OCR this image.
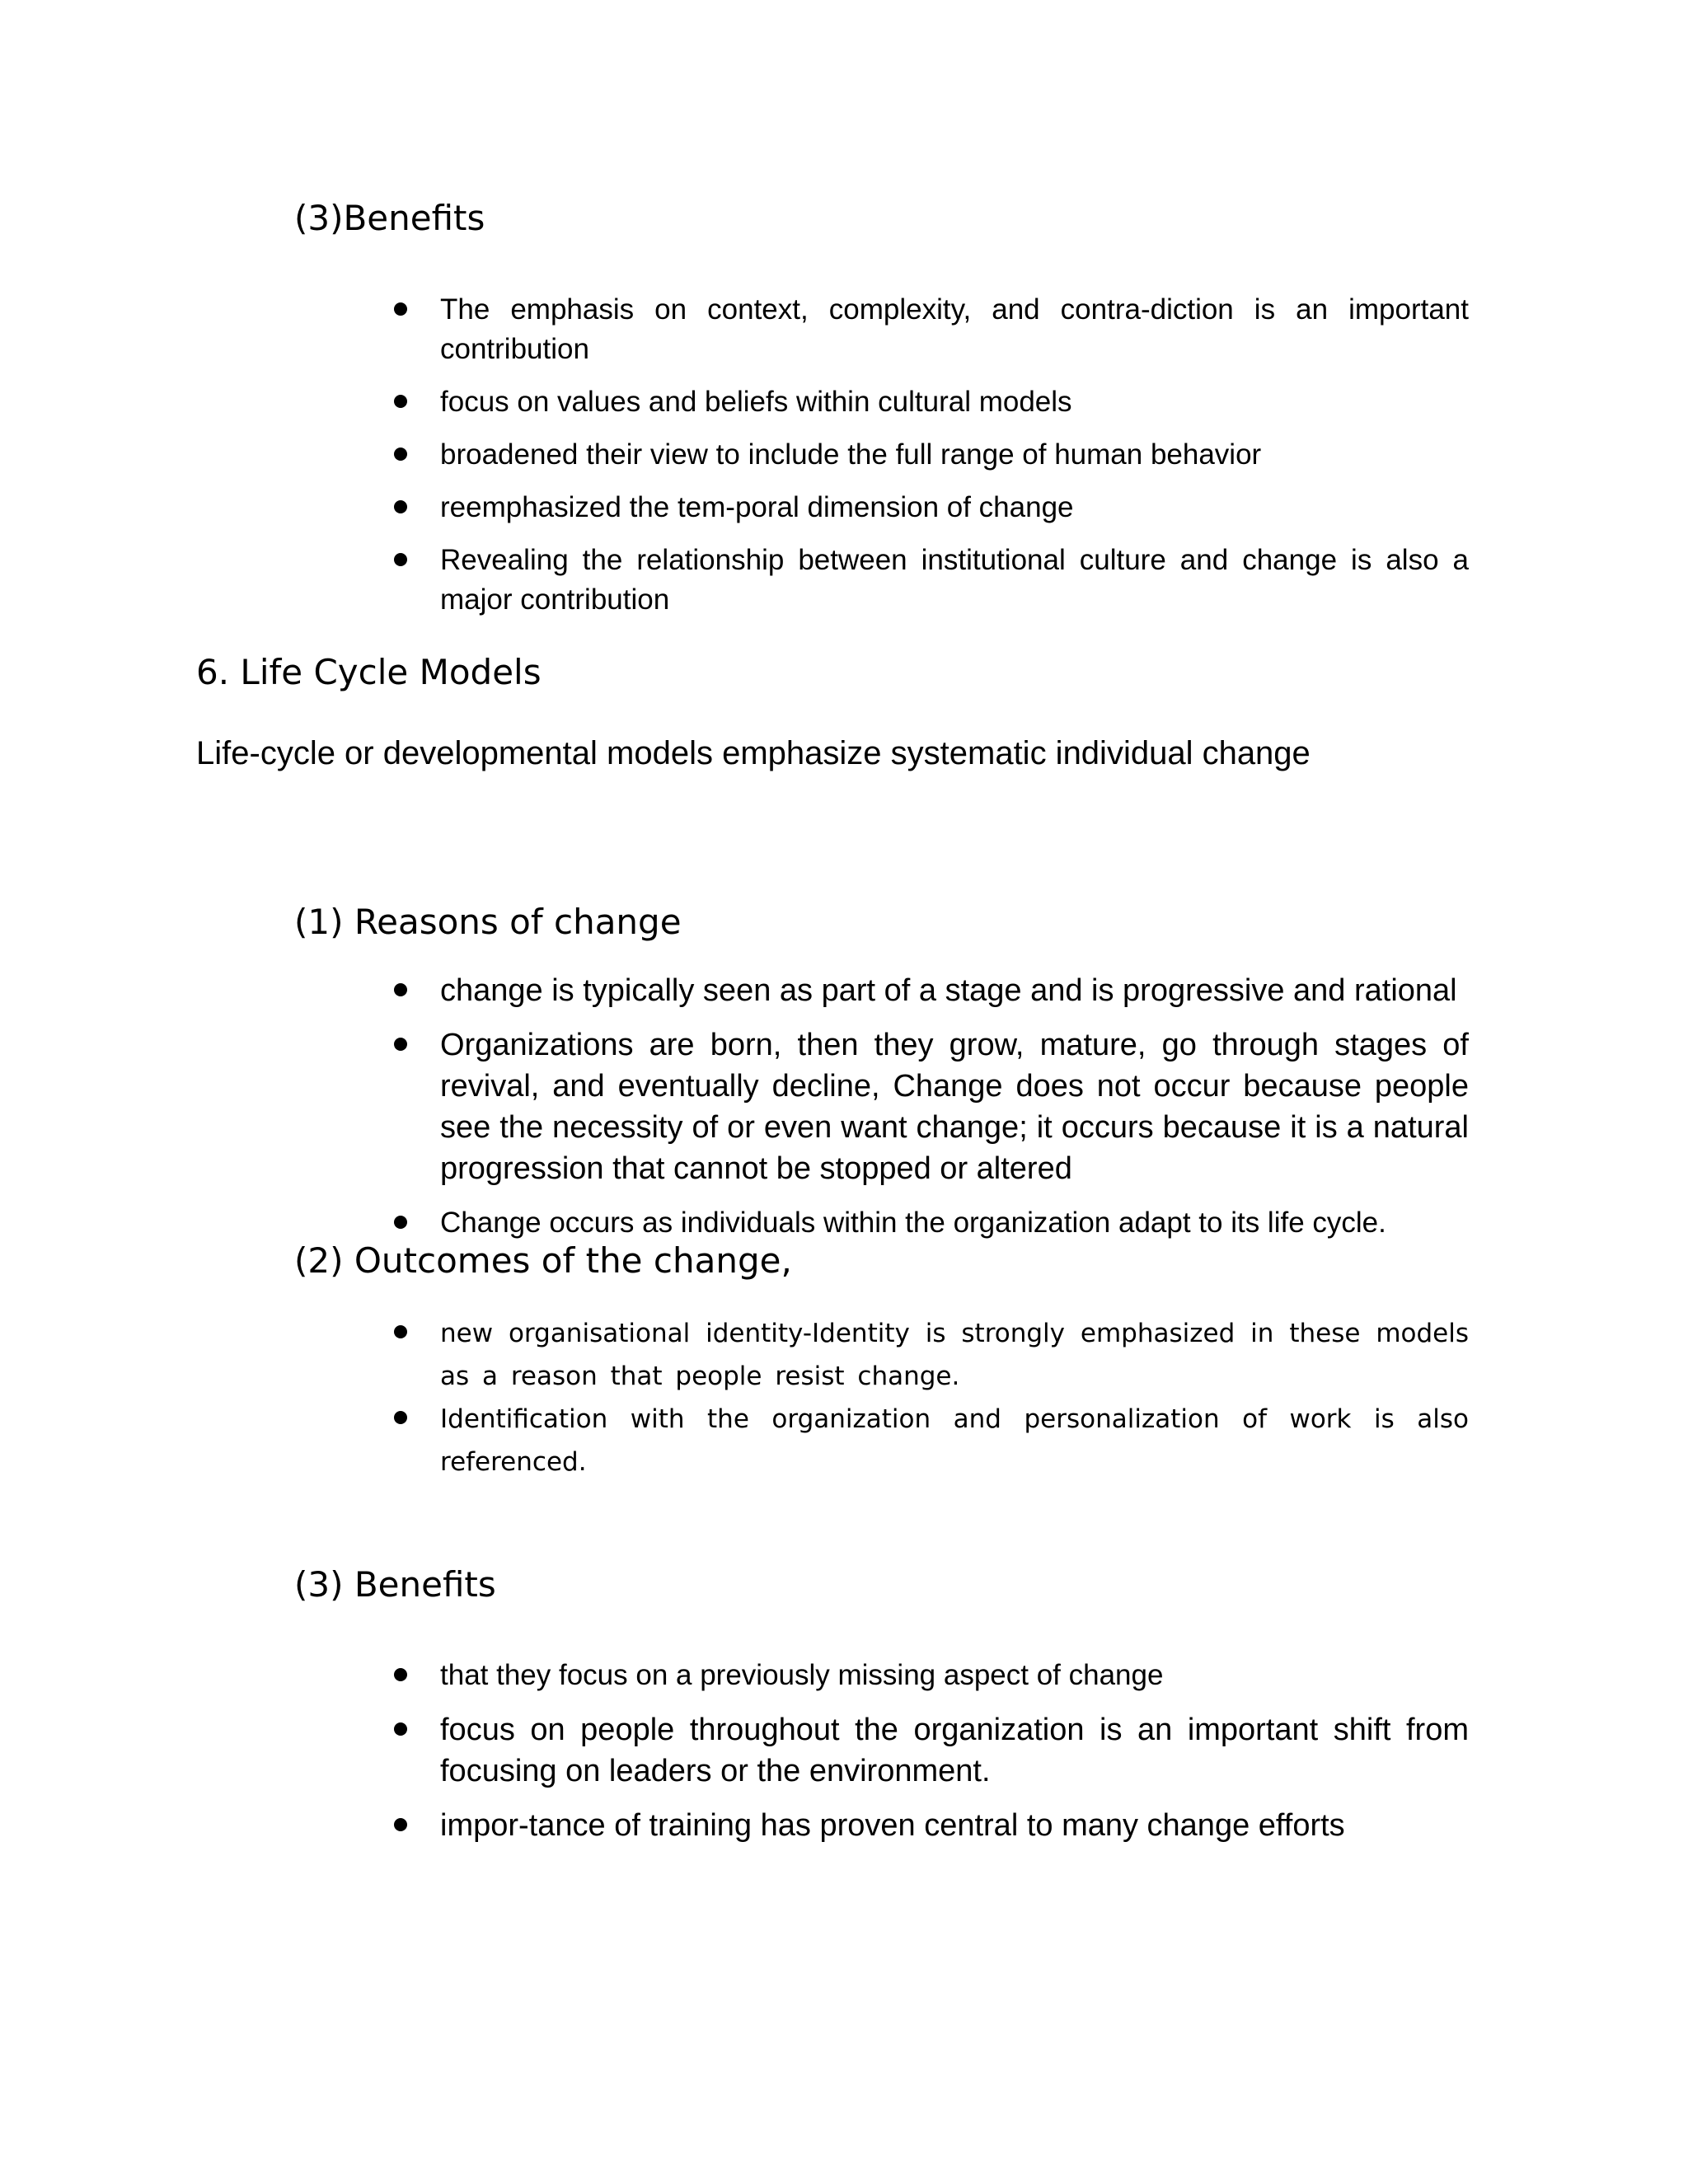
(3)Benefits
The emphasis on context, complexity, and contra-diction is an important contribution
focus on values and beliefs within cultural models
broadened their view to include the full range of human behavior
reemphasized the tem-poral dimension of change
Revealing the relationship between institutional culture and change is also a major contribution
6. Life Cycle Models

Life-cycle or developmental models emphasize systematic individual change

(1) Reasons of change
change is typically seen as part of a stage and is progressive and rational
Organizations are born, then they grow, mature, go through stages of revival, and eventually decline, Change does not occur because people see the necessity of or even want change; it occurs because it is a natural progression that cannot be stopped or altered
Change occurs as individuals within the organization adapt to its life cycle.
(2) Outcomes of the change,
new organisational identity-Identity is strongly emphasized in these models as a reason that people resist change.
Identification with the organization and personalization of work is also referenced.
(3) Benefits
that they focus on a previously missing aspect of change
focus on people throughout the organization is an important shift from focusing on leaders or the environment.
impor-tance of training has proven central to many change efforts
